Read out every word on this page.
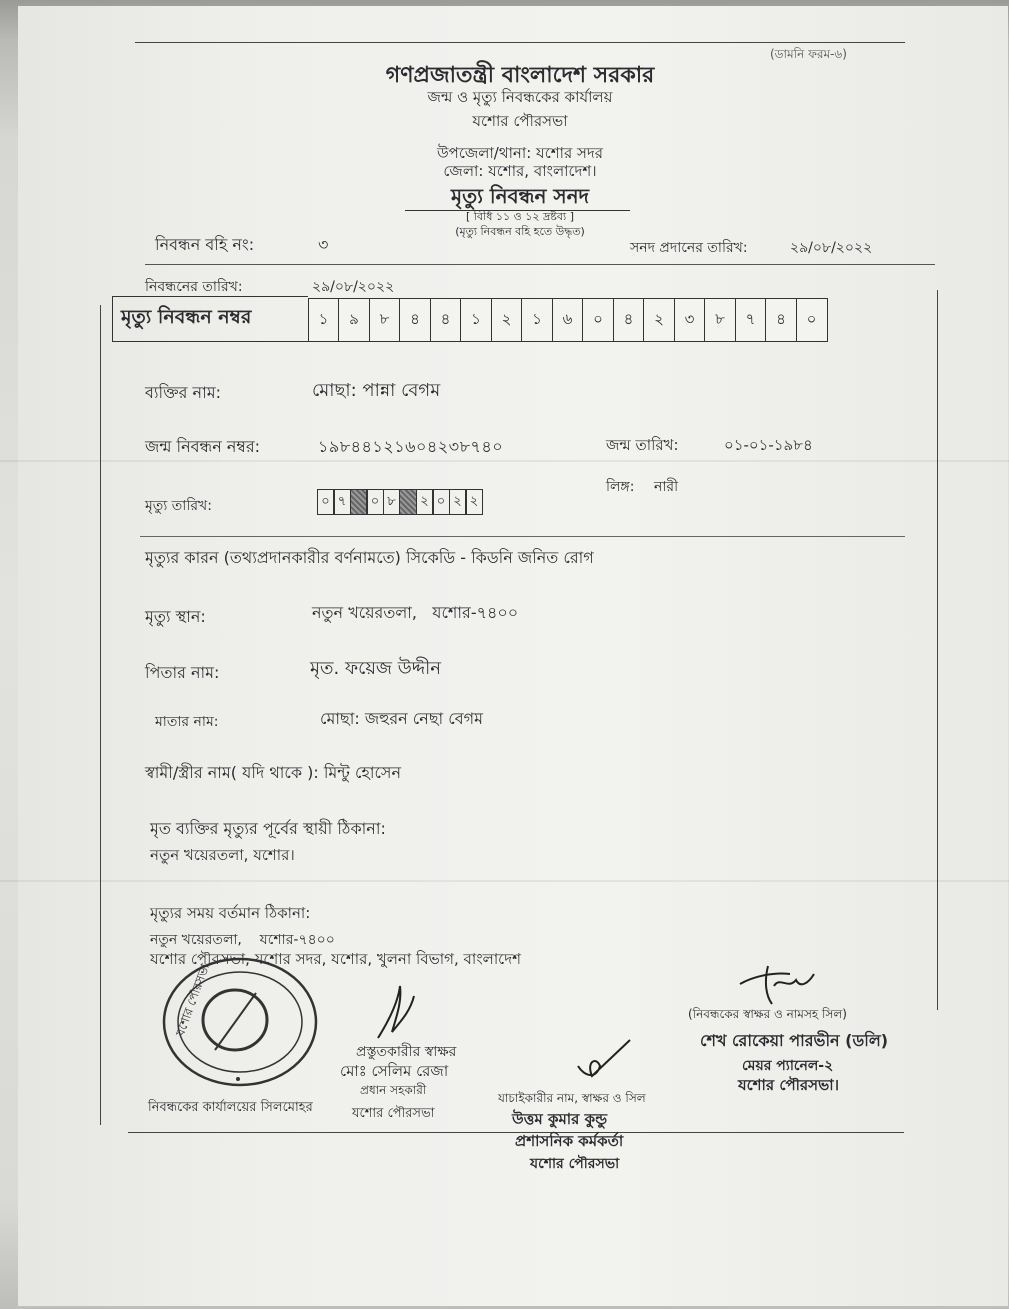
(ডামনি ফরম-৬)
গণপ্রজাতন্ত্রী বাংলাদেশ সরকার
জন্ম ও মৃত্যু নিবন্ধকের কার্যালয়
যশোর পৌরসভা
উপজেলা/থানা: যশোর সদর
জেলা: যশোর, বাংলাদেশ।
মৃত্যু নিবন্ধন সনদ
[ বিধি ১১ ও ১২ দ্রষ্টব্য ]
(মৃত্যু নিবন্ধন বহি হতে উদ্ধৃত)
নিবন্ধন বহি নং:	৩	সনদ প্রদানের তারিখ:	২৯/০৮/২০২২
নিবন্ধনের তারিখ:	২৯/০৮/২০২২
মৃত্যু নিবন্ধন নম্বর	১	৯	৮	৪	৪	১	২	১	৬	০	৪	২	৩	৮	৭	৪	০
ব্যক্তির নাম:	মোছা: পান্না বেগম
জন্ম নিবন্ধন নম্বর:	১৯৮৪৪১২১৬০৪২৩৮৭৪০	জন্ম তারিখ:	০১-০১-১৯৮৪
লিঙ্গ: নারী
মৃত্যু তারিখ:	০ ৭	০ ৮	২ ০ ২ ২
মৃত্যুর কারন (তথ্যপ্রদানকারীর বর্ণনামতে) সিকেডি - কিডনি জনিত রোগ
মৃত্যু স্থান:	নতুন খয়েরতলা,   যশোর-৭৪০০
পিতার নাম:	মৃত. ফয়েজ উদ্দীন
মাতার নাম:	মোছা: জহুরন নেছা বেগম
স্বামী/স্ত্রীর নাম( যদি থাকে ): মিন্টু হোসেন
মৃত ব্যক্তির মৃত্যুর পূর্বের স্থায়ী ঠিকানা:
নতুন খয়েরতলা, যশোর।
মৃত্যুর সময় বর্তমান ঠিকানা:
নতুন খয়েরতলা,    যশোর-৭৪০০
যশোর পৌরসভা, যশোর সদর, যশোর, খুলনা বিভাগ, বাংলাদেশ
যশোর পৌরসভা
নিবন্ধকের কার্যালয়ের সিলমোহর
প্রস্তুতকারীর স্বাক্ষর
মোঃ সেলিম রেজা
প্রধান সহকারী
যশোর পৌরসভা
যাচাইকারীর নাম, স্বাক্ষর ও সিল
উত্তম কুমার কুন্ডু
প্রশাসনিক কর্মকর্তা
যশোর পৌরসভা
(নিবন্ধকের স্বাক্ষর ও নামসহ সিল)
শেখ রোকেয়া পারভীন (ডলি)
মেয়র প্যানেল-২
যশোর পৌরসভা।
